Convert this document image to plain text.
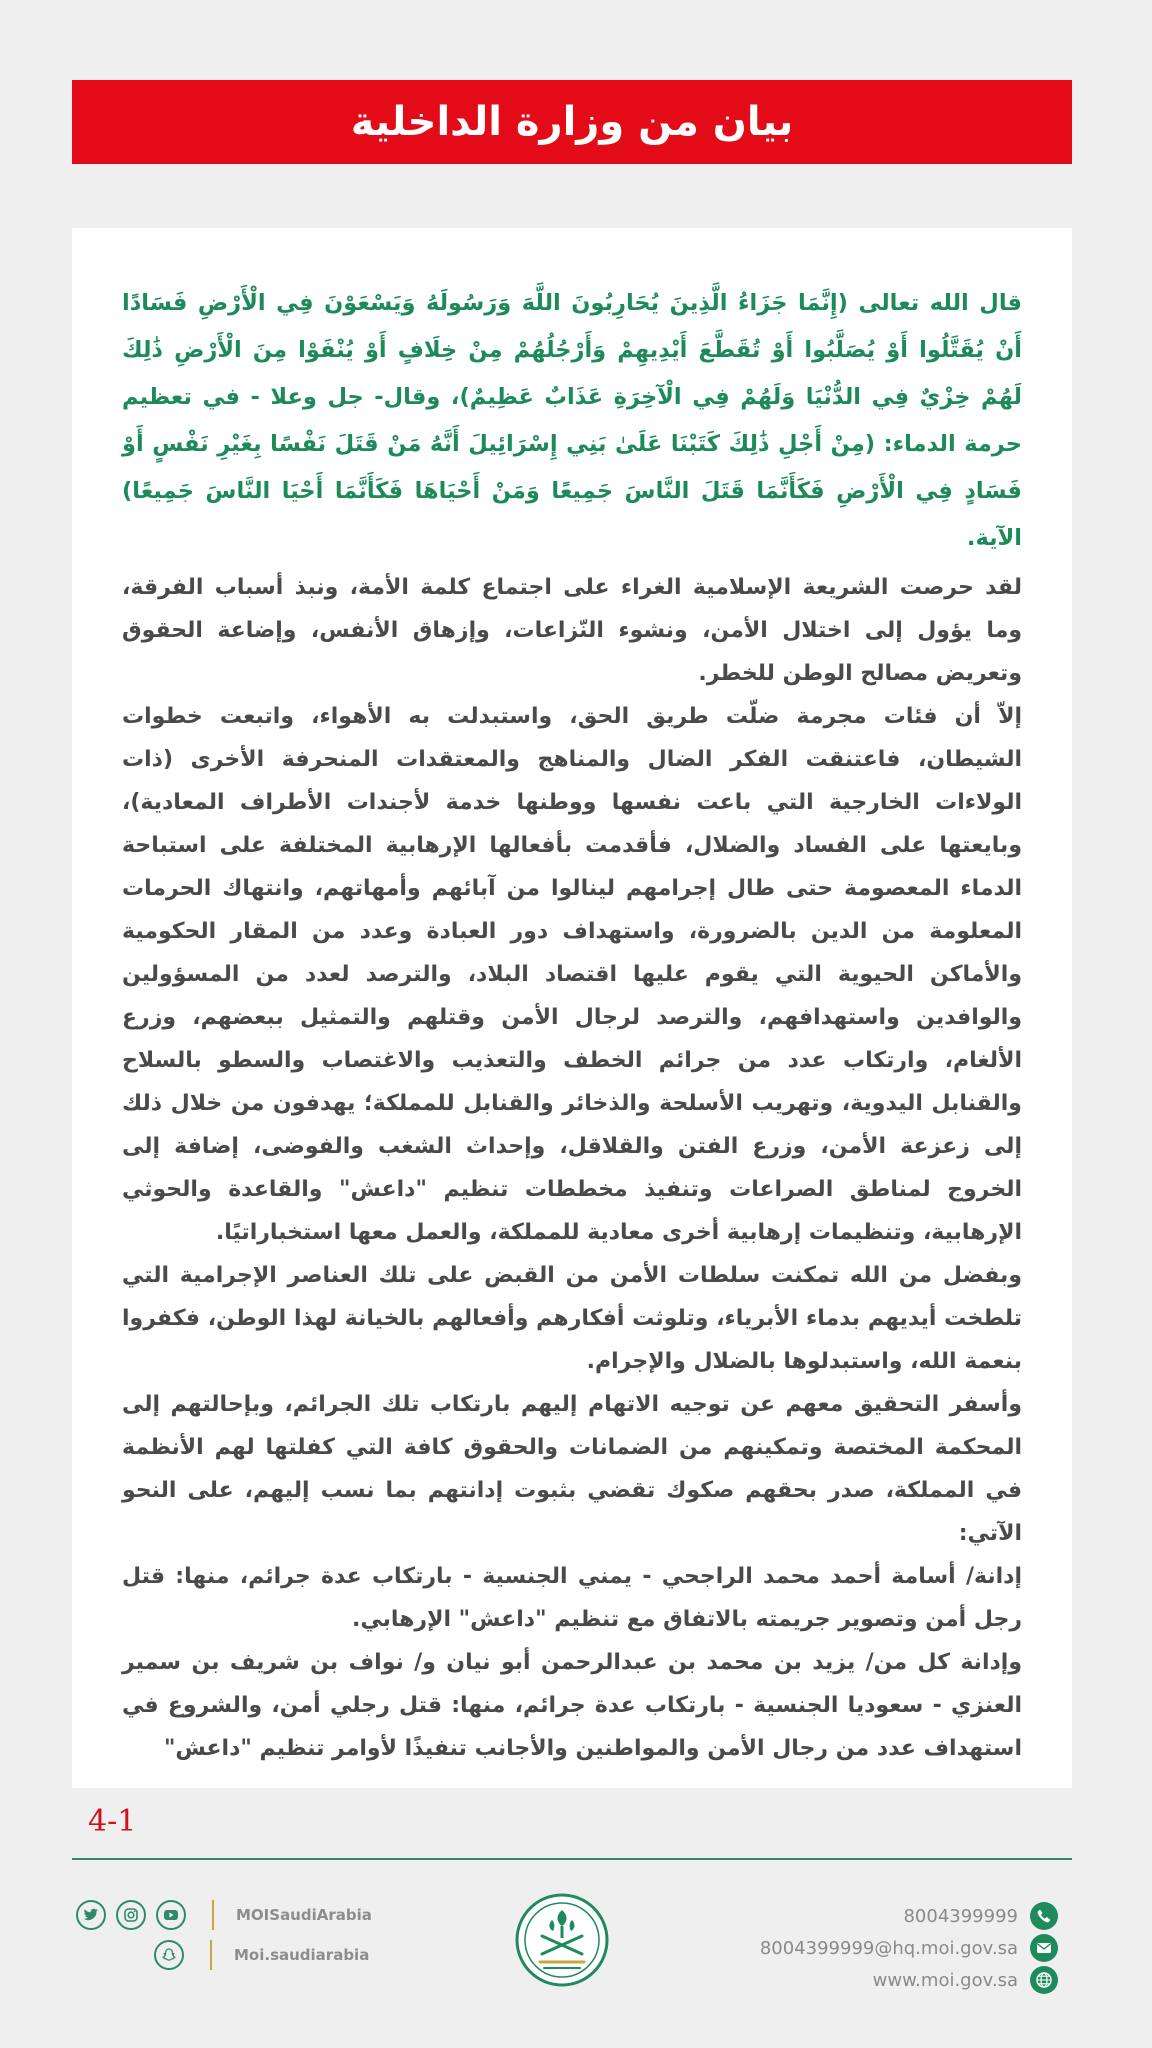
بيان من وزارة الداخلية

قال الله تعالى (إِنَّمَا جَزَاءُ الَّذِينَ يُحَارِبُونَ اللَّهَ وَرَسُولَهُ وَيَسْعَوْنَ فِي الْأَرْضِ فَسَادًا أَنْ يُقَتَّلُوا أَوْ يُصَلَّبُوا أَوْ تُقَطَّعَ أَيْدِيهِمْ وَأَرْجُلُهُمْ مِنْ خِلَافٍ أَوْ يُنْفَوْا مِنَ الْأَرْضِ ذَٰلِكَ لَهُمْ خِزْيٌ فِي الدُّنْيَا وَلَهُمْ فِي الْآخِرَةِ عَذَابٌ عَظِيمٌ)، وقال- جل وعلا - في تعظيم حرمة الدماء: (مِنْ أَجْلِ ذَٰلِكَ كَتَبْنَا عَلَىٰ بَنِي إِسْرَائِيلَ أَنَّهُ مَنْ قَتَلَ نَفْسًا بِغَيْرِ نَفْسٍ أَوْ فَسَادٍ فِي الْأَرْضِ فَكَأَنَّمَا قَتَلَ النَّاسَ جَمِيعًا وَمَنْ أَحْيَاهَا فَكَأَنَّمَا أَحْيَا النَّاسَ جَمِيعًا) الآية.

لقد حرصت الشريعة الإسلامية الغراء على اجتماع كلمة الأمة، ونبذ أسباب الفرقة، وما يؤول إلى اختلال الأمن، ونشوء النّزاعات، وإزهاق الأنفس، وإضاعة الحقوق وتعريض مصالح الوطن للخطر.

إلاّ أن فئات مجرمة ضلّت طريق الحق، واستبدلت به الأهواء، واتبعت خطوات الشيطان، فاعتنقت الفكر الضال والمناهج والمعتقدات المنحرفة الأخرى (ذات الولاءات الخارجية التي باعت نفسها ووطنها خدمة لأجندات الأطراف المعادية)، وبايعتها على الفساد والضلال، فأقدمت بأفعالها الإرهابية المختلفة على استباحة الدماء المعصومة حتى طال إجرامهم لينالوا من آبائهم وأمهاتهم، وانتهاك الحرمات المعلومة من الدين بالضرورة، واستهداف دور العبادة وعدد من المقار الحكومية والأماكن الحيوية التي يقوم عليها اقتصاد البلاد، والترصد لعدد من المسؤولين والوافدين واستهدافهم، والترصد لرجال الأمن وقتلهم والتمثيل ببعضهم، وزرع الألغام، وارتكاب عدد من جرائم الخطف والتعذيب والاغتصاب والسطو بالسلاح والقنابل اليدوية، وتهريب الأسلحة والذخائر والقنابل للمملكة؛ يهدفون من خلال ذلك إلى زعزعة الأمن، وزرع الفتن والقلاقل، وإحداث الشغب والفوضى، إضافة إلى الخروج لمناطق الصراعات وتنفيذ مخططات تنظيم "داعش" والقاعدة والحوثي الإرهابية، وتنظيمات إرهابية أخرى معادية للمملكة، والعمل معها استخباراتيًا.

وبفضل من الله تمكنت سلطات الأمن من القبض على تلك العناصر الإجرامية التي تلطخت أيديهم بدماء الأبرياء، وتلوثت أفكارهم وأفعالهم بالخيانة لهذا الوطن، فكفروا بنعمة الله، واستبدلوها بالضلال والإجرام.

وأسفر التحقيق معهم عن توجيه الاتهام إليهم بارتكاب تلك الجرائم، وبإحالتهم إلى المحكمة المختصة وتمكينهم من الضمانات والحقوق كافة التي كفلتها لهم الأنظمة في المملكة، صدر بحقهم صكوك تقضي بثبوت إدانتهم بما نسب إليهم، على النحو الآتي:

إدانة/ أسامة أحمد محمد الراجحي - يمني الجنسية - بارتكاب عدة جرائم، منها: قتل رجل أمن وتصوير جريمته بالاتفاق مع تنظيم "داعش" الإرهابي.

وإدانة كل من/ يزيد بن محمد بن عبدالرحمن أبو نيان و/ نواف بن شريف بن سمير العنزي - سعوديا الجنسية - بارتكاب عدة جرائم، منها: قتل رجلي أمن، والشروع في استهداف عدد من رجال الأمن والمواطنين والأجانب تنفيذًا لأوامر تنظيم "داعش"

4-1
MOISaudiArabia
Moi.saudiarabia
8004399999
8004399999@hq.moi.gov.sa
www.moi.gov.sa
